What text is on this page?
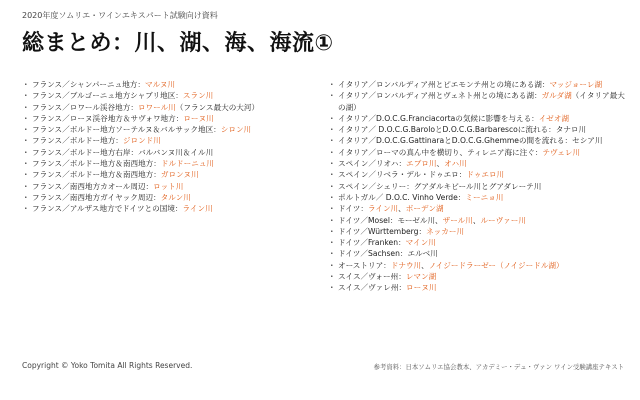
2020年度ソムリエ・ワインエキスパート試験向け資料
総まとめ：川、湖、海、海流①
・ フランス／シャンパーニュ地方：マルヌ川
・ フランス／ブルゴーニュ地方シャブリ地区：スラン川
・ フランス／ロワール渓谷地方：ロワール川（フランス最大の大河）
・ フランス／ローヌ渓谷地方＆サヴォワ地方：ローヌ川
・ フランス／ボルドー地方ソーテルヌ＆バルサック地区：シロン川
・ フランス／ボルドー地方：ジロンド川
・ フランス／ボルドー地方右岸：バルバンヌ川＆イル川
・ フランス／ボルドー地方＆南西地方：ドルドーニュ川
・ フランス／ボルドー地方＆南西地方：ガロンヌ川
・ フランス／南西地方カオール周辺：ロット川
・ フランス／南西地方ガイヤック周辺：タルン川
・ フランス／アルザス地方でドイツとの国境：ライン川
・ イタリア／ロンバルディア州とピエモンテ州との境にある湖：マッジョーレ湖
・ イタリア／ロンバルディア州とヴェネト州との境にある湖：ガルダ湖（イタリア最大の湖）
・ イタリア／D.O.C.G.Franciacortaの気候に影響を与える：イゼオ湖
・ イタリア／ D.O.C.G.BaroloとD.O.C.G.Barbarescoに流れる：タナロ川
・ イタリア／D.O.C.G.GattinaraとD.O.C.G.Ghemmeの間を流れる：セシア川
・ イタリア／ローマの真ん中を横切り、ティレニア海に注ぐ：テヴェレ川
・ スペイン／リオハ：エブロ川、オハ川
・ スペイン／リベラ・デル・ドゥエロ：ドゥエロ川
・ スペイン／シェリー：グアダルキビール川とグアダレーテ川
・ ポルトガル／ D.O.C. Vinho Verde：ミーニョ川
・ ドイツ：ライン川、ボーデン湖
・ ドイツ／Mosel：モーゼル川、ザール川、ルーヴァー川
・ ドイツ／Württemberg：ネッカー川
・ ドイツ／Franken：マイン川
・ ドイツ／Sachsen：エルベ川
・ オーストリア：ドナウ川、ノイジードラーゼー（ノイジードル湖）
・ スイス／ヴォー州：レマン湖
・ スイス／ヴァレ州：ローヌ川
Copyright © Yoko Tomita All Rights Reserved.	参考資料：日本ソムリエ協会教本、アカデミー・デュ・ヴァン ワイン受験講座テキスト
